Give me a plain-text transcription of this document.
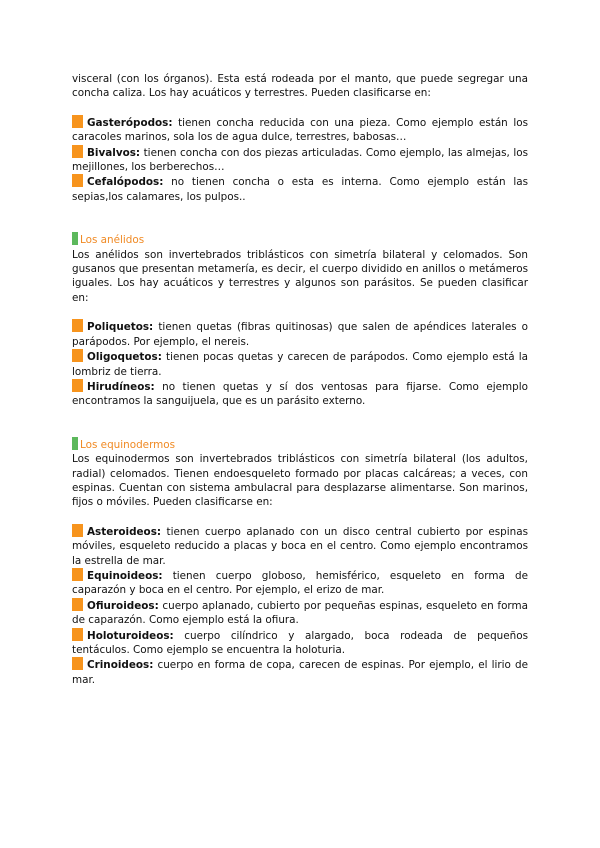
visceral (con los órganos). Esta está rodeada por el manto, que puede segregar una concha caliza. Los hay acuáticos y terrestres. Pueden clasificarse en:

Gasterópodos: tienen concha reducida con una pieza. Como ejemplo están los caracoles marinos, sola los de agua dulce, terrestres, babosas…

Bivalvos: tienen concha con dos piezas articuladas. Como ejemplo, las almejas, los mejillones, los berberechos…

Cefalópodos: no tienen concha o esta es interna. Como ejemplo están las sepias,los calamares, los pulpos..

Los anélidos

Los anélidos son invertebrados triblásticos con simetría bilateral y celomados. Son gusanos que presentan metamería, es decir, el cuerpo dividido en anillos o metámeros iguales. Los hay acuáticos y terrestres y algunos son parásitos. Se pueden clasificar en:

Poliquetos: tienen quetas (fibras quitinosas) que salen de apéndices laterales o parápodos. Por ejemplo, el nereis.

Oligoquetos: tienen pocas quetas y carecen de parápodos. Como ejemplo está la lombriz de tierra.

Hirudíneos: no tienen quetas y sí dos ventosas para fijarse. Como ejemplo encontramos la sanguijuela, que es un parásito externo.

Los equinodermos

Los equinodermos son invertebrados triblásticos con simetría bilateral (los adultos, radial) celomados. Tienen endoesqueleto formado por placas calcáreas; a veces, con espinas. Cuentan con sistema ambulacral para desplazarse alimentarse. Son marinos, fijos o móviles. Pueden clasificarse en:

Asteroideos: tienen cuerpo aplanado con un disco central cubierto por espinas móviles, esqueleto reducido a placas y boca en el centro. Como ejemplo encontramos la estrella de mar.

Equinoideos: tienen cuerpo globoso, hemisférico, esqueleto en forma de caparazón y boca en el centro. Por ejemplo, el erizo de mar.

Ofiuroideos: cuerpo aplanado, cubierto por pequeñas espinas, esqueleto en forma de caparazón. Como ejemplo está la ofiura.

Holoturoideos: cuerpo cilíndrico y alargado, boca rodeada de pequeños tentáculos. Como ejemplo se encuentra la holoturia.

Crinoideos: cuerpo en forma de copa, carecen de espinas. Por ejemplo, el lirio de mar.
